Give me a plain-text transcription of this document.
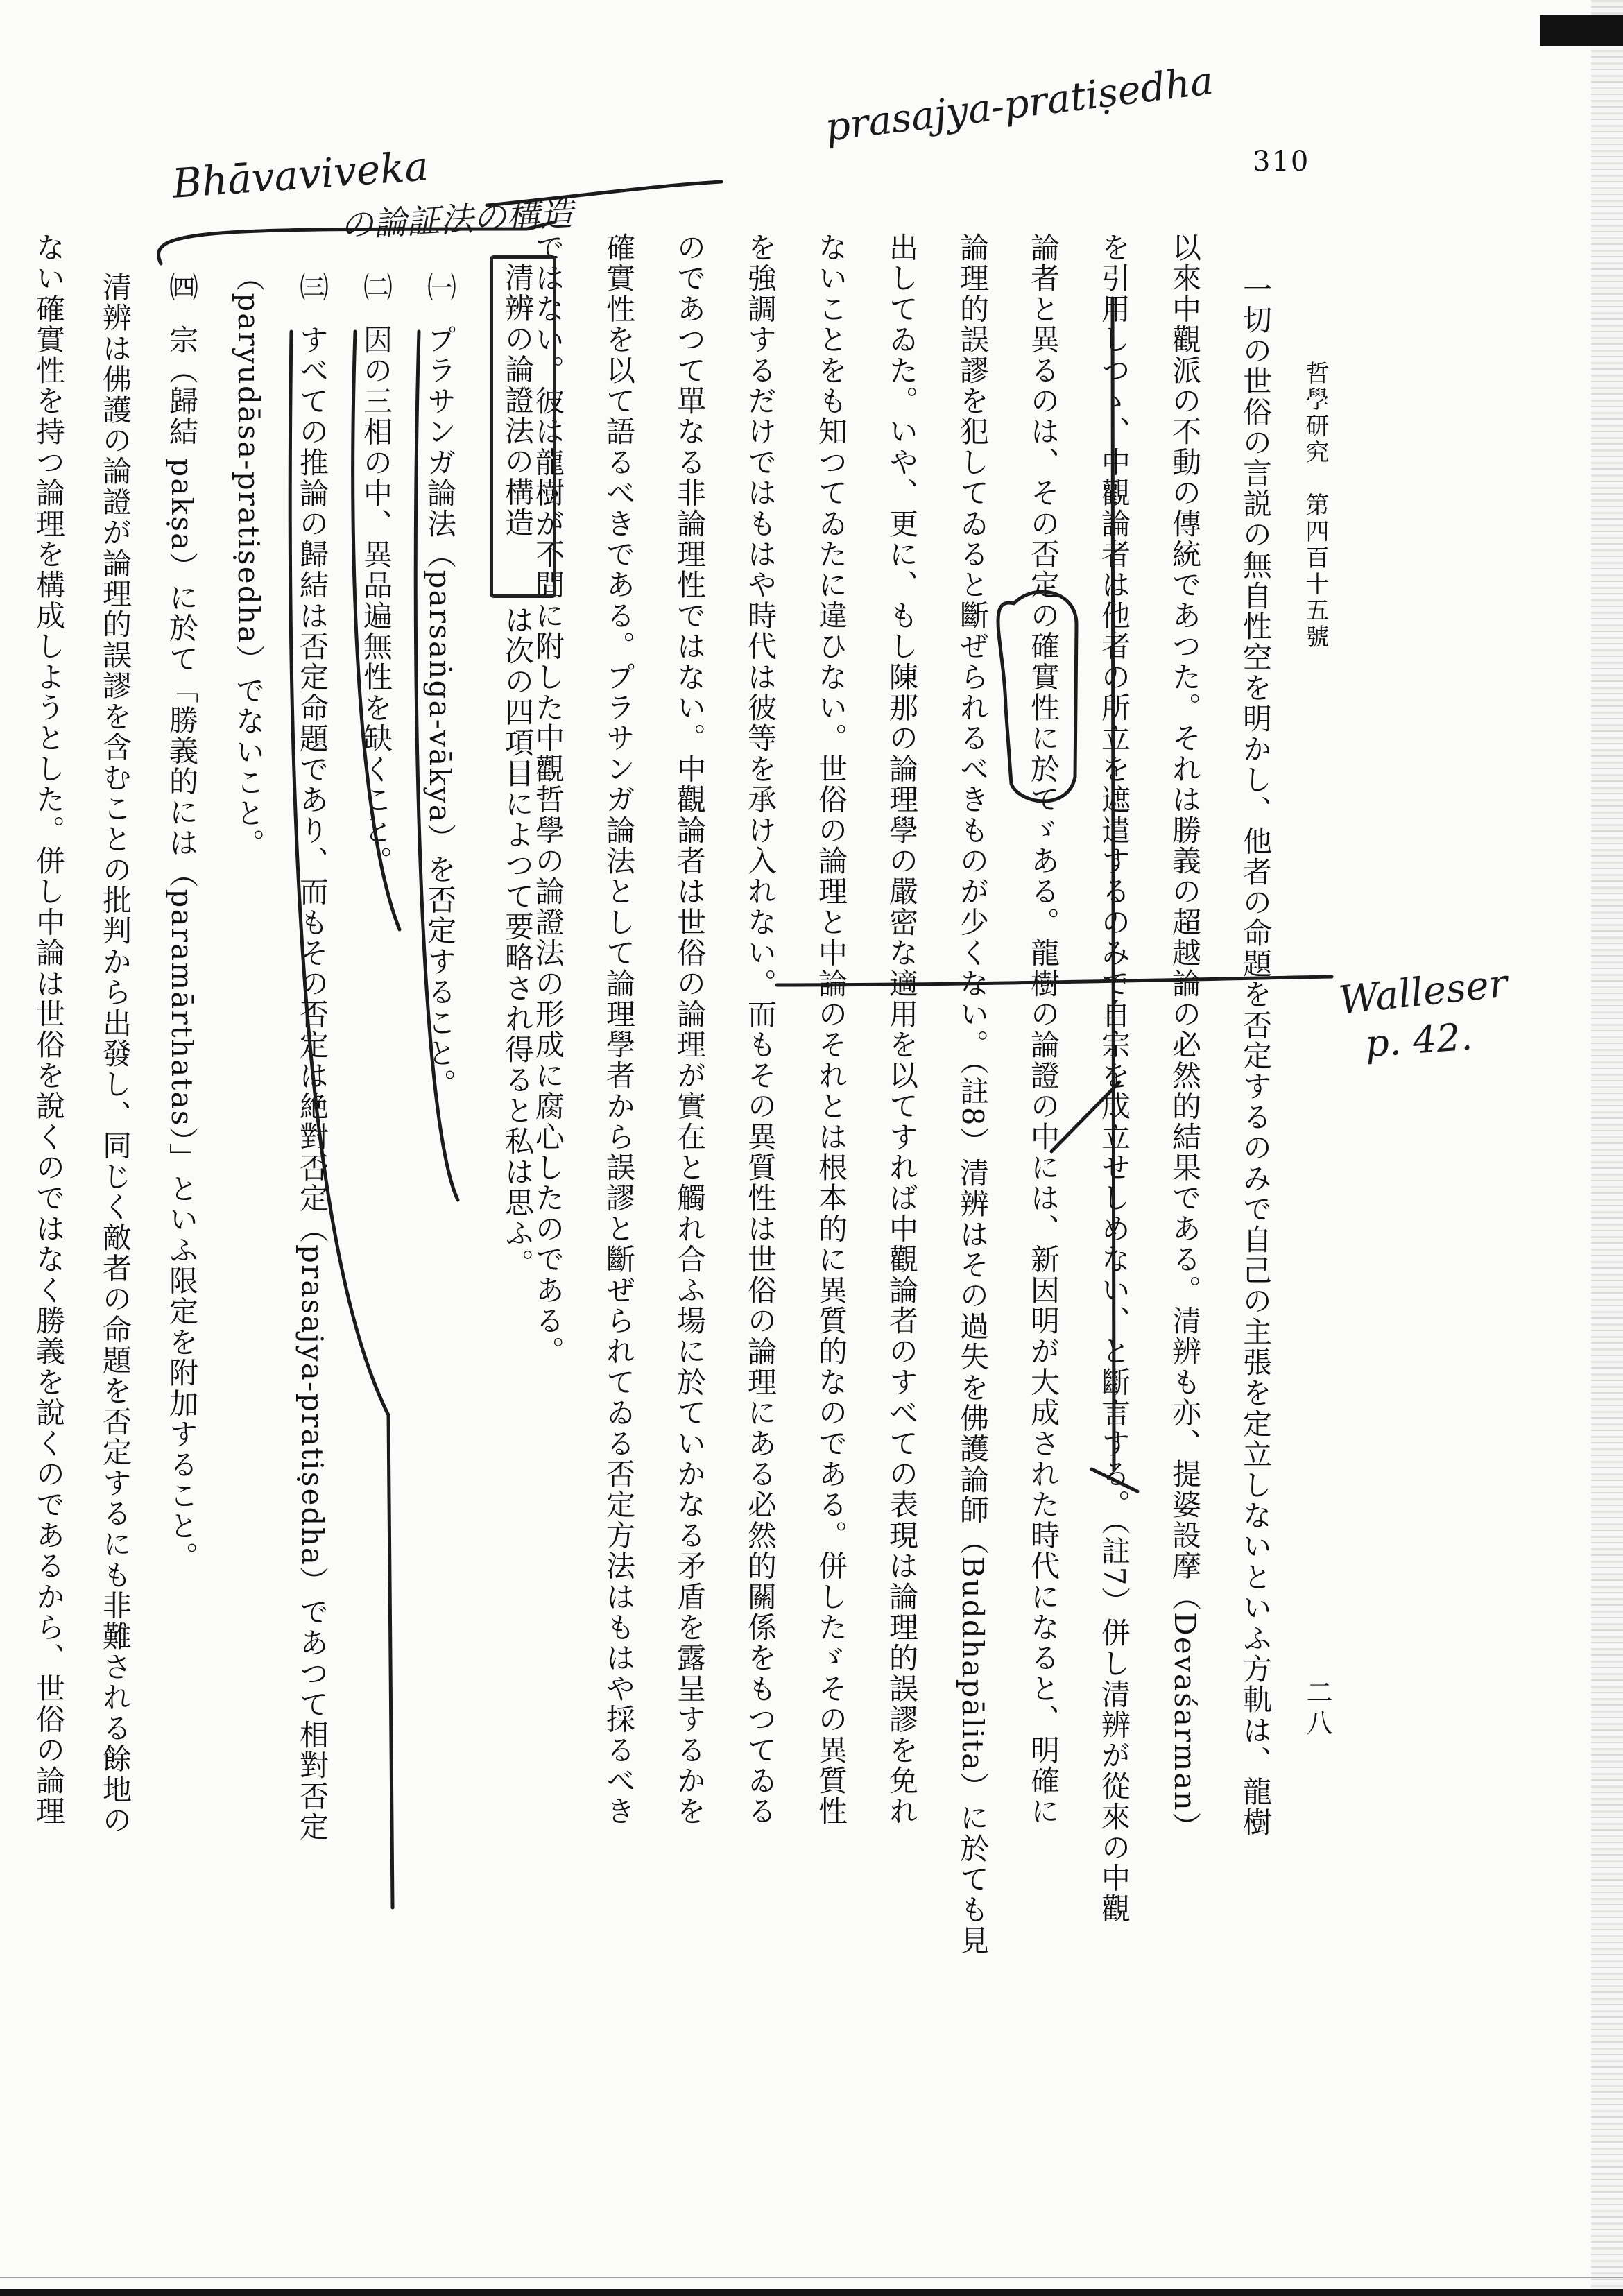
310
哲學研究　第四百十五號
二八
一切の世俗の言説の無自性空を明かし、他者の命題を否定するのみで自己の主張を定立しないといふ方軌は、龍樹
以來中觀派の不動の傳統であつた。それは勝義の超越論の必然的結果である。清辨も亦、提婆設摩（Devaśarman）
を引用しつゝ、中觀論者は他者の所立を遮遣するのみで自宗を成立せしめない、と斷言する。（註7）併し清辨が從來の中觀
論者と異るのは、その否定の確實性に於てゞある。龍樹の論證の中には、新因明が大成された時代になると、明確に
論理的誤謬を犯してゐると斷ぜられるべきものが少くない。（註8）清辨はその過失を佛護論師（Buddhapālita）に於ても見
出してゐた。いや、更に、もし陳那の論理學の嚴密な適用を以てすれば中觀論者のすべての表現は論理的誤謬を免れ
ないことをも知つてゐたに違ひない。世俗の論理と中論のそれとは根本的に異質的なのである。併したゞその異質性
を強調するだけではもはや時代は彼等を承け入れない。而もその異質性は世俗の論理にある必然的關係をもつてゐる
のであつて單なる非論理性ではない。中觀論者は世俗の論理が實在と觸れ合ふ場に於ていかなる矛盾を露呈するかを
確實性を以て語るべきである。プラサンガ論法として論理學者から誤謬と斷ぜられてゐる否定方法はもはや採るべき
ではない。彼は龍樹が不問に附した中觀哲學の論證法の形成に腐心したのである。
清辨の論證法の構造
は次の四項目によつて要略され得ると私は思ふ。
㈠
プラサンガ論法（parsaṅga-vākya）を否定すること。
㈡
因の三相の中、異品遍無性を缺くこと。
㈢
すべての推論の歸結は否定命題であり、而もその否定は絶對否定（prasajya-pratiṣedha）であつて相對否定
（paryudāsa-pratiṣedha）でないこと。
㈣
宗（歸結 pakṣa）に於て「勝義的には（paramārthatas）」といふ限定を附加すること。
清辨は佛護の論證が論理的誤謬を含むことの批判から出發し、同じく敵者の命題を否定するにも非難される餘地の
ない確實性を持つ論理を構成しようとした。併し中論は世俗を說くのではなく勝義を說くのであるから、世俗の論理
Bhāvaviveka
の論証法の構造
prasajya-pratiṣedha
Walleser
p. 42.
